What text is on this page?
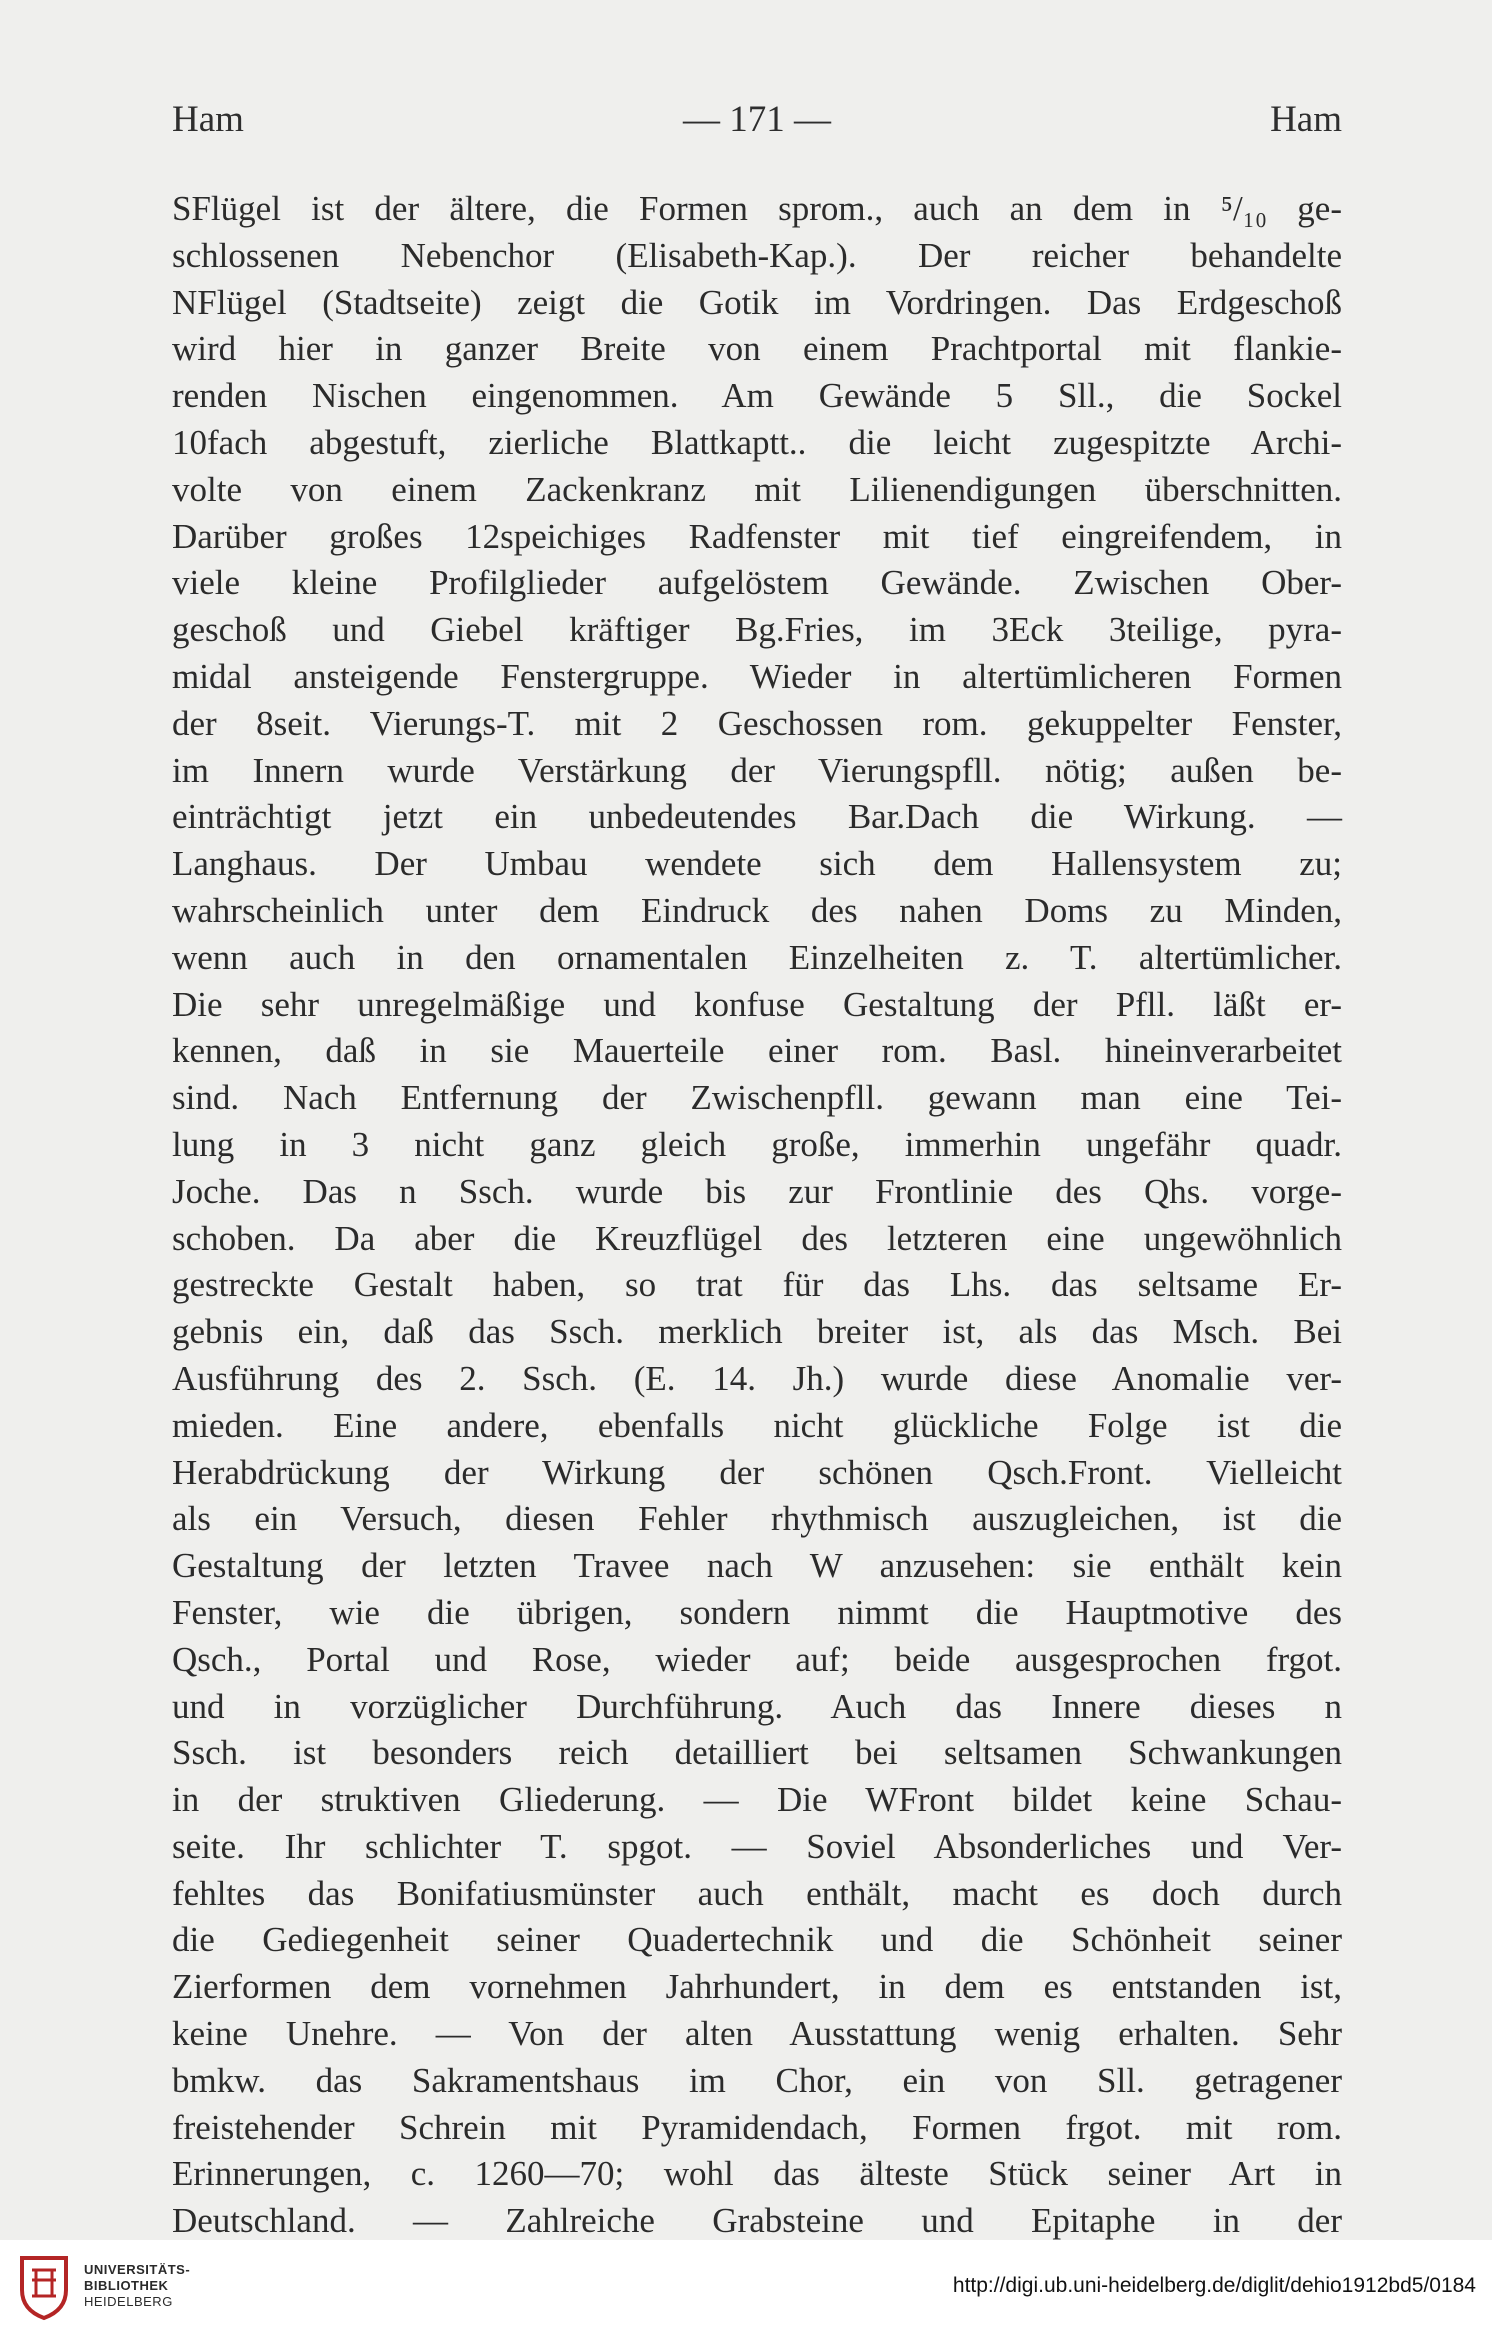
Ham	— 171 —	Ham
SFlügel ist der ältere, die Formen sprom., auch an dem in ⁵/₁₀ ge-
schlossenen Nebenchor (Elisabeth-Kap.). Der reicher behandelte
NFlügel (Stadtseite) zeigt die Gotik im Vordringen. Das Erdgeschoß
wird hier in ganzer Breite von einem Prachtportal mit flankie-
renden Nischen eingenommen. Am Gewände 5 Sll., die Sockel
10fach abgestuft, zierliche Blattkaptt.. die leicht zugespitzte Archi-
volte von einem Zackenkranz mit Lilienendigungen überschnitten.
Darüber großes 12speichiges Radfenster mit tief eingreifendem, in
viele kleine Profilglieder aufgelöstem Gewände. Zwischen Ober-
geschoß und Giebel kräftiger Bg.Fries, im 3Eck 3teilige, pyra-
midal ansteigende Fenstergruppe. Wieder in altertümlicheren Formen
der 8seit. Vierungs-T. mit 2 Geschossen rom. gekuppelter Fenster,
im Innern wurde Verstärkung der Vierungspfll. nötig; außen be-
einträchtigt jetzt ein unbedeutendes Bar.Dach die Wirkung. —
Langhaus. Der Umbau wendete sich dem Hallensystem zu;
wahrscheinlich unter dem Eindruck des nahen Doms zu Minden,
wenn auch in den ornamentalen Einzelheiten z. T. altertümlicher.
Die sehr unregelmäßige und konfuse Gestaltung der Pfll. läßt er-
kennen, daß in sie Mauerteile einer rom. Basl. hineinverarbeitet
sind. Nach Entfernung der Zwischenpfll. gewann man eine Tei-
lung in 3 nicht ganz gleich große, immerhin ungefähr quadr.
Joche. Das n Ssch. wurde bis zur Frontlinie des Qhs. vorge-
schoben. Da aber die Kreuzflügel des letzteren eine ungewöhnlich
gestreckte Gestalt haben, so trat für das Lhs. das seltsame Er-
gebnis ein, daß das Ssch. merklich breiter ist, als das Msch. Bei
Ausführung des 2. Ssch. (E. 14. Jh.) wurde diese Anomalie ver-
mieden. Eine andere, ebenfalls nicht glückliche Folge ist die
Herabdrückung der Wirkung der schönen Qsch.Front. Vielleicht
als ein Versuch, diesen Fehler rhythmisch auszugleichen, ist die
Gestaltung der letzten Travee nach W anzusehen: sie enthält kein
Fenster, wie die übrigen, sondern nimmt die Hauptmotive des
Qsch., Portal und Rose, wieder auf; beide ausgesprochen frgot.
und in vorzüglicher Durchführung. Auch das Innere dieses n
Ssch. ist besonders reich detailliert bei seltsamen Schwankungen
in der struktiven Gliederung. — Die WFront bildet keine Schau-
seite. Ihr schlichter T. spgot. — Soviel Absonderliches und Ver-
fehltes das Bonifatiusmünster auch enthält, macht es doch durch
die Gediegenheit seiner Quadertechnik und die Schönheit seiner
Zierformen dem vornehmen Jahrhundert, in dem es entstanden ist,
keine Unehre. — Von der alten Ausstattung wenig erhalten. Sehr
bmkw. das Sakramentshaus im Chor, ein von Sll. getragener
freistehender Schrein mit Pyramidendach, Formen frgot. mit rom.
Erinnerungen, c. 1260—70; wohl das älteste Stück seiner Art in
Deutschland. — Zahlreiche Grabsteine und Epitaphe in der
UNIVERSITÄTS-
BIBLIOTHEK
HEIDELBERG
http://digi.ub.uni-heidelberg.de/diglit/dehio1912bd5/0184
